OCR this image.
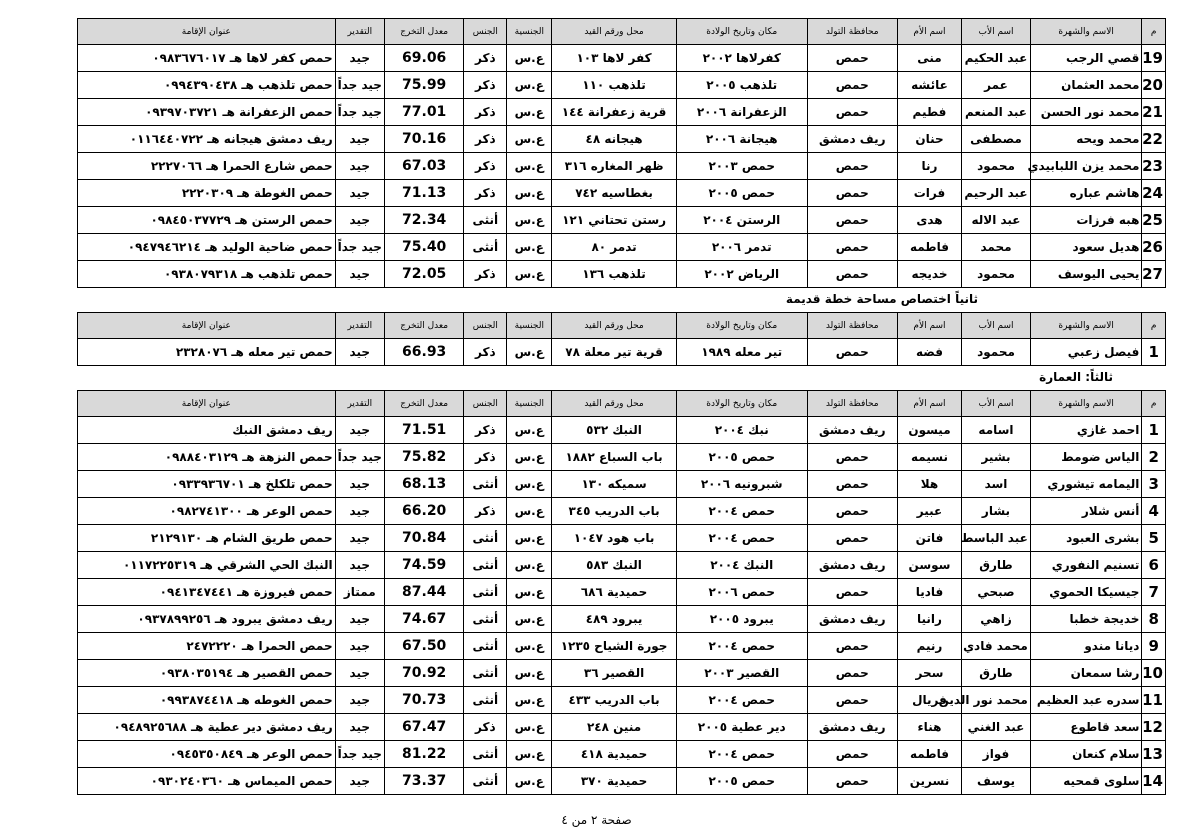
م	الاسم والشهرة	اسم الأب	اسم الأم	محافظة التولد	مكان وتاريخ الولادة	محل ورقم القيد	الجنسية	الجنس	معدل التخرج	التقدير	عنوان الإقامة
19	قصي الرجب	عبد الحكيم	منى	حمص	كفرلاها ٢٠٠٢	كفر لاها ١٠٣	ع.س	ذكر	69.06	جيد	حمص كفر لاها هـ ٠٩٨٣٦٧٦٠١٧
20	محمد العثمان	عمر	عائشه	حمص	تلذهب ٢٠٠٥	تلذهب ١١٠	ع.س	ذكر	75.99	جيد جداً	حمص تلذهب هـ ٠٩٩٤٣٩٠٤٣٨
21	محمد نور الحسن	عبد المنعم	فطيم	حمص	الزعفرانة ٢٠٠٦	قرية زعفرانة ١٤٤	ع.س	ذكر	77.01	جيد جداً	حمص الزعفرانة هـ ٠٩٣٩٧٠٣٧٢١
22	محمد ويحه	مصطفى	حنان	ريف دمشق	هيجانة ٢٠٠٦	هيجانه ٤٨	ع.س	ذكر	70.16	جيد	ريف دمشق هيجانه هـ ٠١١٦٤٤٠٧٢٢
23	محمد يزن اللبابيدي	محمود	رنا	حمص	حمص ٢٠٠٣	ظهر المغاره ٣١٦	ع.س	ذكر	67.03	جيد	حمص شارع الحمرا هـ ٢٢٢٧٠٦٦
24	هاشم عباره	عبد الرحيم	فرات	حمص	حمص ٢٠٠٥	بغطاسيه ٧٤٢	ع.س	ذكر	71.13	جيد	حمص الغوطة هـ ٢٢٢٠٣٠٩
25	هبه فرزات	عبد الاله	هدى	حمص	الرستن ٢٠٠٤	رستن تحتاني ١٢١	ع.س	أنثى	72.34	جيد	حمص الرستن هـ ٠٩٨٤٥٠٣٧٧٢٩
26	هديل سعود	محمد	فاطمه	حمص	تدمر ٢٠٠٦	تدمر ٨٠	ع.س	أنثى	75.40	جيد جداً	حمص ضاحية الوليد هـ ٠٩٤٧٩٤٦٢١٤
27	يحيى اليوسف	محمود	خديجه	حمص	الرياض ٢٠٠٢	تلذهب ١٣٦	ع.س	ذكر	72.05	جيد	حمص تلذهب هـ ٠٩٣٨٠٧٩٣١٨
ثانياً اختصاص مساحة خطة قديمة
م	الاسم والشهرة	اسم الأب	اسم الأم	محافظة التولد	مكان وتاريخ الولادة	محل ورقم القيد	الجنسية	الجنس	معدل التخرج	التقدير	عنوان الإقامة
1	فيصل زعبي	محمود	فضه	حمص	تير معله ١٩٨٩	قرية تير معلة ٧٨	ع.س	ذكر	66.93	جيد	حمص تير معله هـ ٢٣٢٨٠٧٦
ثالثاً: العمارة
م	الاسم والشهرة	اسم الأب	اسم الأم	محافظة التولد	مكان وتاريخ الولادة	محل ورقم القيد	الجنسية	الجنس	معدل التخرج	التقدير	عنوان الإقامة
1	احمد غازي	اسامه	ميسون	ريف دمشق	نبك ٢٠٠٤	النبك ٥٣٢	ع.س	ذكر	71.51	جيد	ريف دمشق النبك
2	الياس ضومط	بشير	نسيمه	حمص	حمص ٢٠٠٥	باب السباع ١٨٨٢	ع.س	ذكر	75.82	جيد جداً	حمص النزهة هـ ٠٩٨٨٤٠٣١٢٩
3	اليمامه تيشوري	اسد	هلا	حمص	شبرونيه ٢٠٠٦	سميكه ١٣٠	ع.س	أنثى	68.13	جيد	حمص تلكلخ هـ ٠٩٣٣٩٣٦٧٠١
4	أنس شلار	بشار	عبير	حمص	حمص ٢٠٠٤	باب الدريب ٣٤٥	ع.س	ذكر	66.20	جيد	حمص الوعر هـ ٠٩٨٢٧٤١٣٠٠
5	بشرى العبود	عبد الباسط	فاتن	حمص	حمص ٢٠٠٤	باب هود ١٠٤٧	ع.س	أنثى	70.84	جيد	حمص طريق الشام هـ ٢١٢٩١٣٠
6	تسنيم النفوري	طارق	سوسن	ريف دمشق	النبك ٢٠٠٤	النبك ٥٨٣	ع.س	أنثى	74.59	جيد	النبك الحي الشرقي هـ ٠١١٧٢٢٥٣١٩
7	جيسيكا الحموي	صبحي	فاديا	حمص	حمص ٢٠٠٦	حميدية ٦٨٦	ع.س	أنثى	87.44	ممتاز	حمص فيروزة هـ ٠٩٤١٣٤٧٤٤١
8	خديجة خطبا	زاهي	رانيا	ريف دمشق	يبرود ٢٠٠٥	يبرود ٤٨٩	ع.س	أنثى	74.67	جيد	ريف دمشق يبرود هـ ٠٩٣٧٨٩٩٢٥٦
9	ديانا مندو	محمد فادي	رنيم	حمص	حمص ٢٠٠٤	جورة الشياح ١٢٣٥	ع.س	أنثى	67.50	جيد	حمص الحمرا هـ ٢٤٧٢٢٢٠
10	رشا سمعان	طارق	سحر	حمص	القصير ٢٠٠٣	القصير ٣٦	ع.س	أنثى	70.92	جيد	حمص القصير هـ ٠٩٣٨٠٣٥١٩٤
11	سدره عبد العظيم	محمد نور الدين	فريال	حمص	حمص ٢٠٠٤	باب الدريب ٤٣٣	ع.س	أنثى	70.73	جيد	حمص الغوطه هـ ٠٩٩٣٨٧٤٤١٨
12	سعد قاطوع	عبد الغني	هناء	ريف دمشق	دير عطية ٢٠٠٥	منين ٢٤٨	ع.س	ذكر	67.47	جيد	ريف دمشق دير عطية هـ ٠٩٤٨٩٢٥٦٨٨
13	سلام كنعان	فواز	فاطمه	حمص	حمص ٢٠٠٤	حميدية ٤١٨	ع.س	أنثى	81.22	جيد جداً	حمص الوعر هـ ٠٩٤٥٣٥٠٨٤٩
14	سلوى قمحيه	يوسف	نسرين	حمص	حمص ٢٠٠٥	حميدية ٣٧٠	ع.س	أنثى	73.37	جيد	حمص الميماس هـ ٠٩٣٠٢٤٠٣٦٠
صفحة ٢ من ٤
